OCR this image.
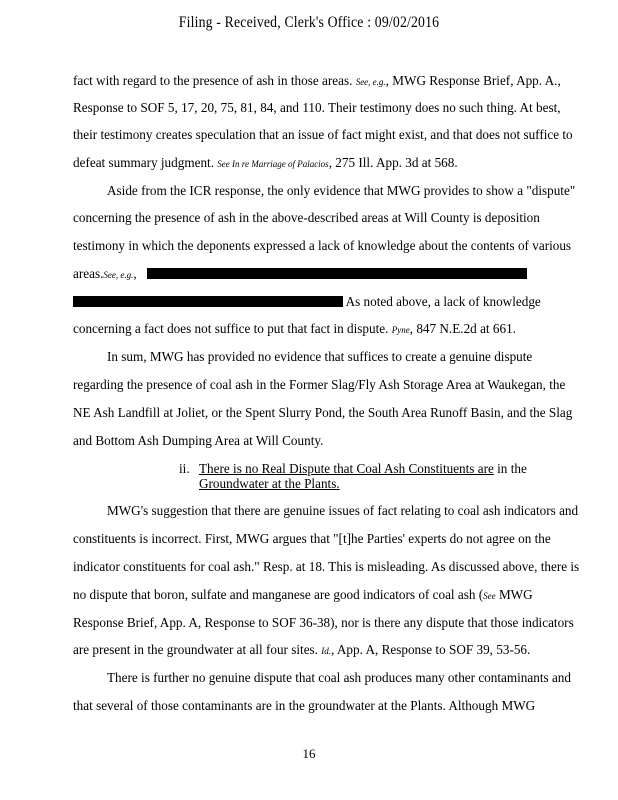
Filing - Received, Clerk's Office : 09/02/2016
fact with regard to the presence of ash in those areas. See, e.g., MWG Response Brief, App. A.,
Response to SOF 5, 17, 20, 75, 81, 84, and 110. Their testimony does no such thing. At best,
their testimony creates speculation that an issue of fact might exist, and that does not suffice to
defeat summary judgment. See In re Marriage of Palacios, 275 Ill. App. 3d at 568.
Aside from the ICR response, the only evidence that MWG provides to show a "dispute"
concerning the presence of ash in the above-described areas at Will County is deposition
testimony in which the deponents expressed a lack of knowledge about the contents of various
areas.See, e.g.,
As noted above, a lack of knowledge
concerning a fact does not suffice to put that fact in dispute. Pyne, 847 N.E.2d at 661.
In sum, MWG has provided no evidence that suffices to create a genuine dispute
regarding the presence of coal ash in the Former Slag/Fly Ash Storage Area at Waukegan, the
NE Ash Landfill at Joliet, or the Spent Slurry Pond, the South Area Runoff Basin, and the Slag
and Bottom Ash Dumping Area at Will County.
ii. There is no Real Dispute that Coal Ash Constituents are in the
Groundwater at the Plants.
MWG's suggestion that there are genuine issues of fact relating to coal ash indicators and
constituents is incorrect. First, MWG argues that "[t]he Parties' experts do not agree on the
indicator constituents for coal ash." Resp. at 18. This is misleading. As discussed above, there is
no dispute that boron, sulfate and manganese are good indicators of coal ash (See MWG
Response Brief, App. A, Response to SOF 36-38), nor is there any dispute that those indicators
are present in the groundwater at all four sites. Id., App. A, Response to SOF 39, 53-56.
There is further no genuine dispute that coal ash produces many other contaminants and
that several of those contaminants are in the groundwater at the Plants. Although MWG
16
